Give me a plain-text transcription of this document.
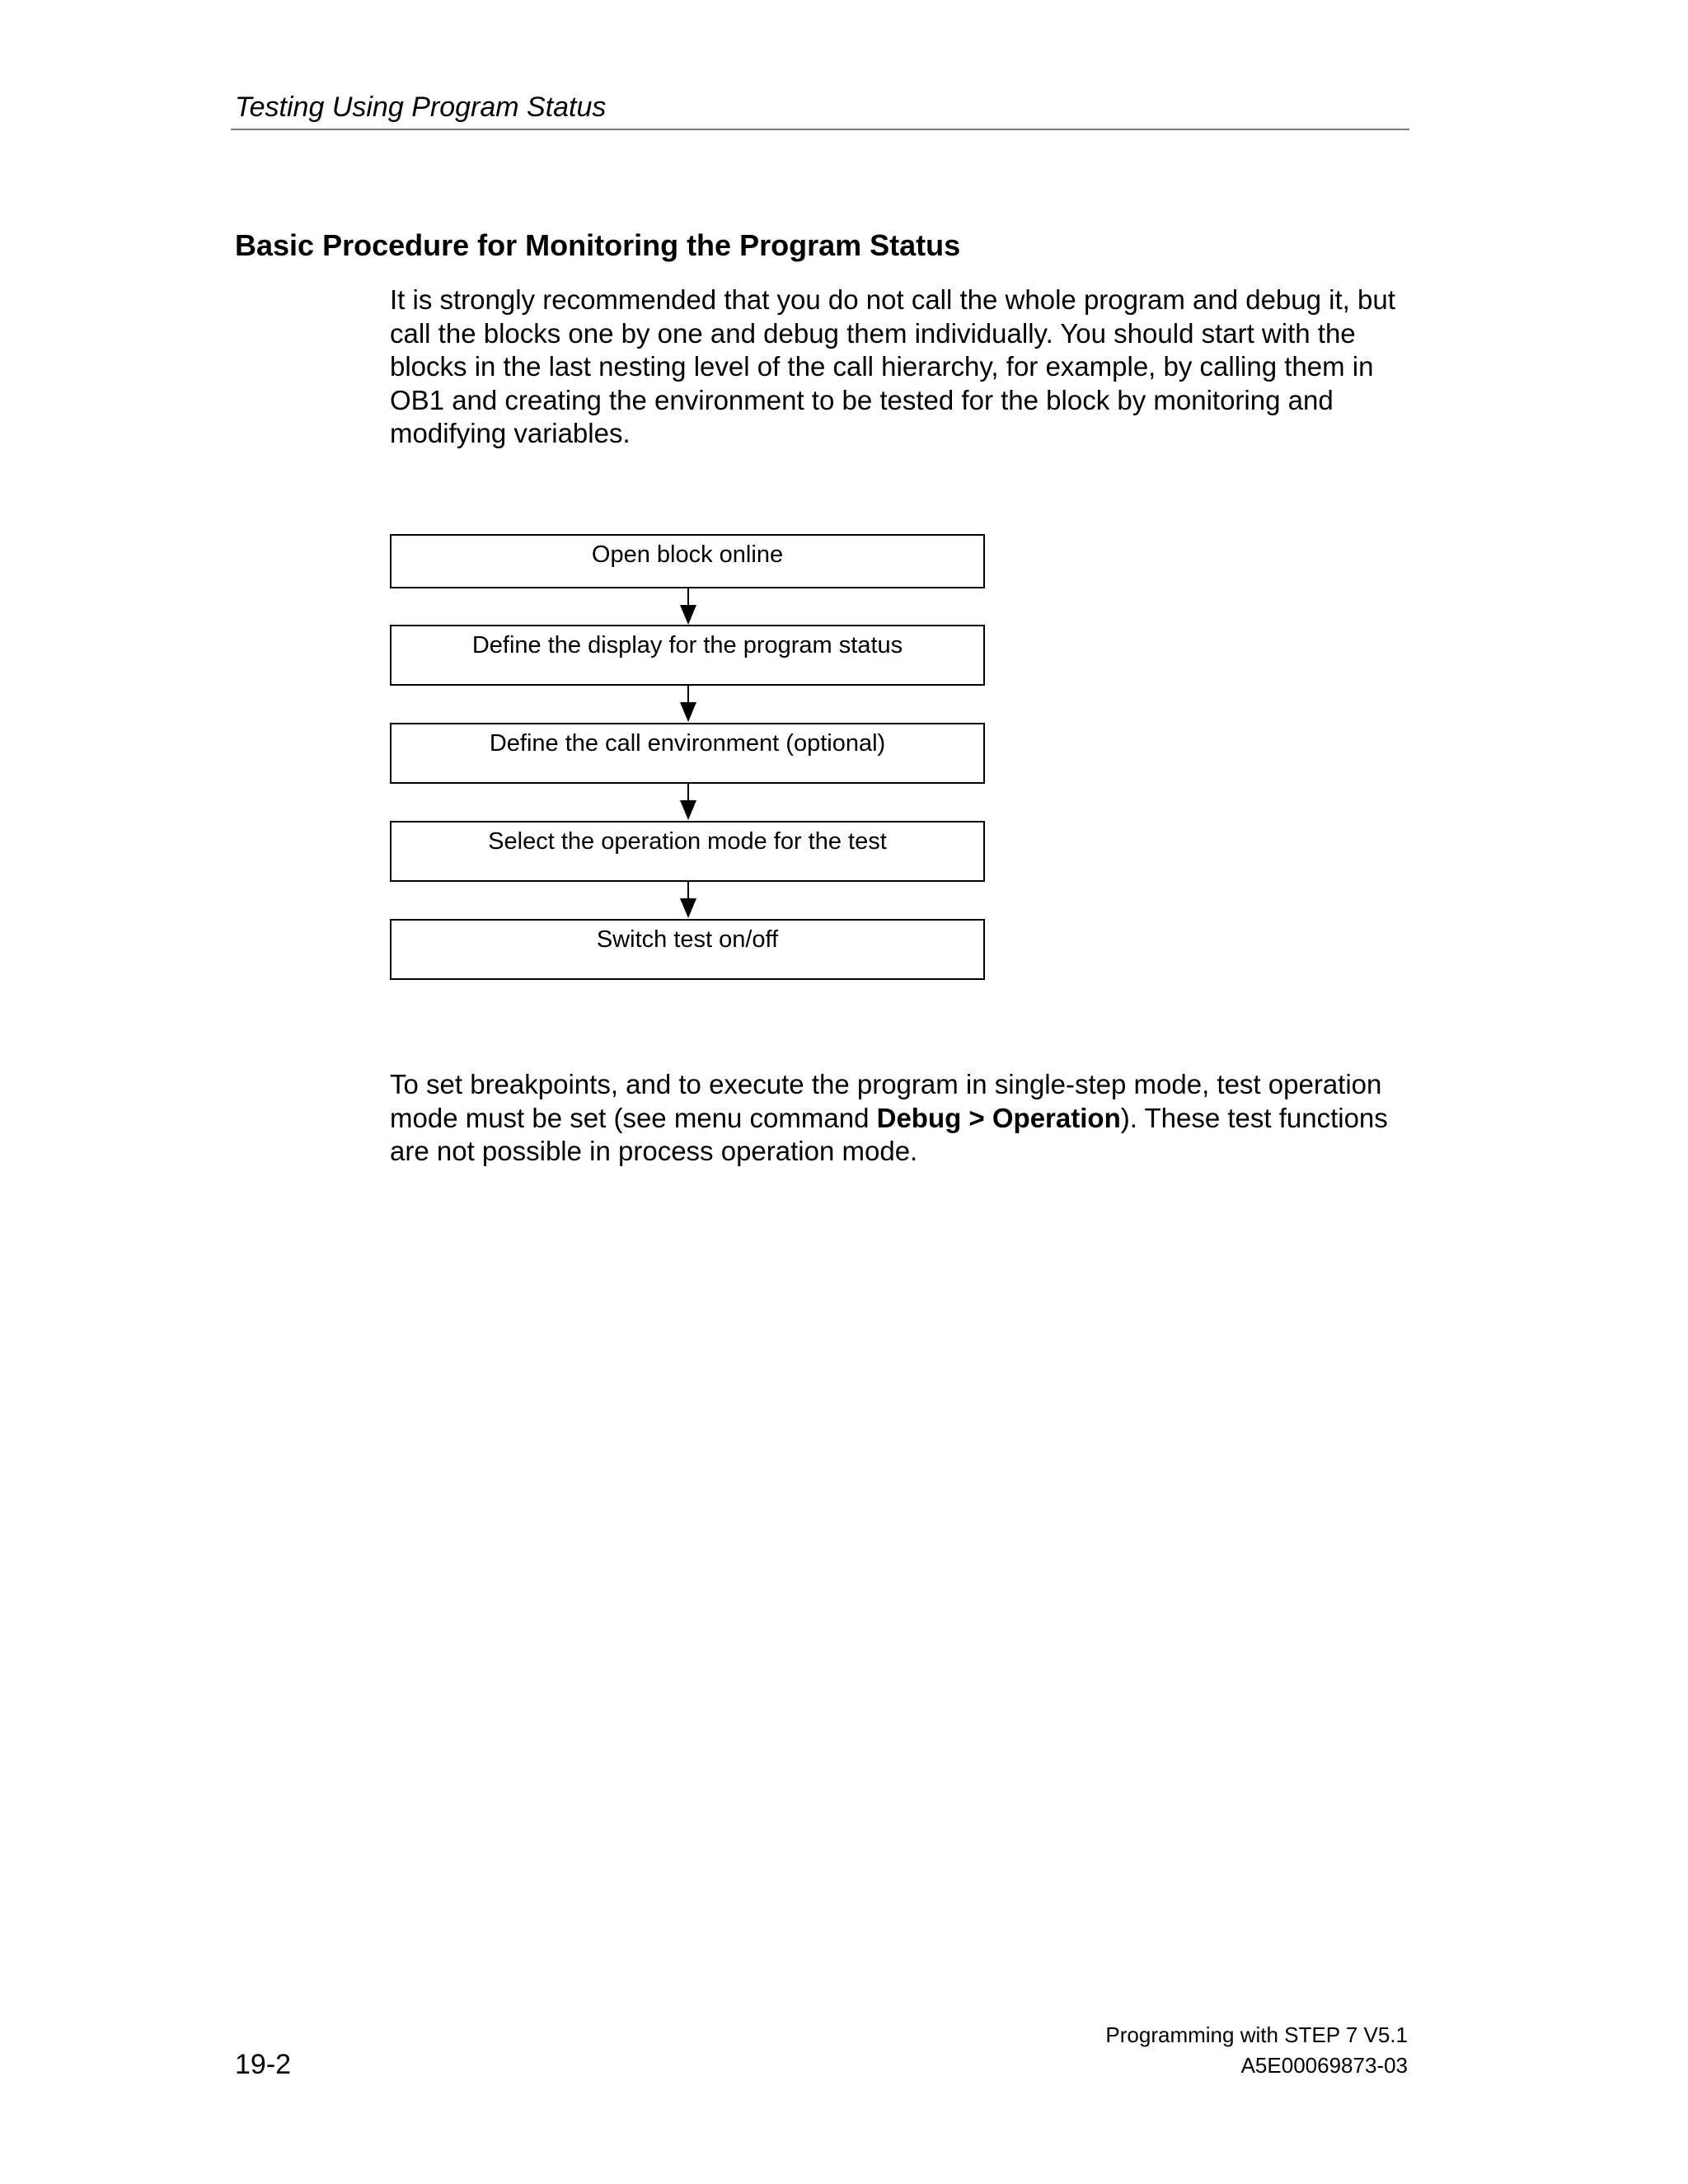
Testing Using Program Status
Basic Procedure for Monitoring the Program Status

It is strongly recommended that you do not call the whole program and debug it, but call the blocks one by one and debug them individually. You should start with the blocks in the last nesting level of the call hierarchy, for example, by calling them in OB1 and creating the environment to be tested for the block by monitoring and modifying variables.

Open block online
Define the display for the program status
Define the call environment (optional)
Select the operation mode for the test
Switch test on/off

To set breakpoints, and to execute the program in single-step mode, test operation mode must be set (see menu command Debug > Operation). These test functions are not possible in process operation mode.

Programming with STEP 7 V5.1

19-2	A5E00069873-03
